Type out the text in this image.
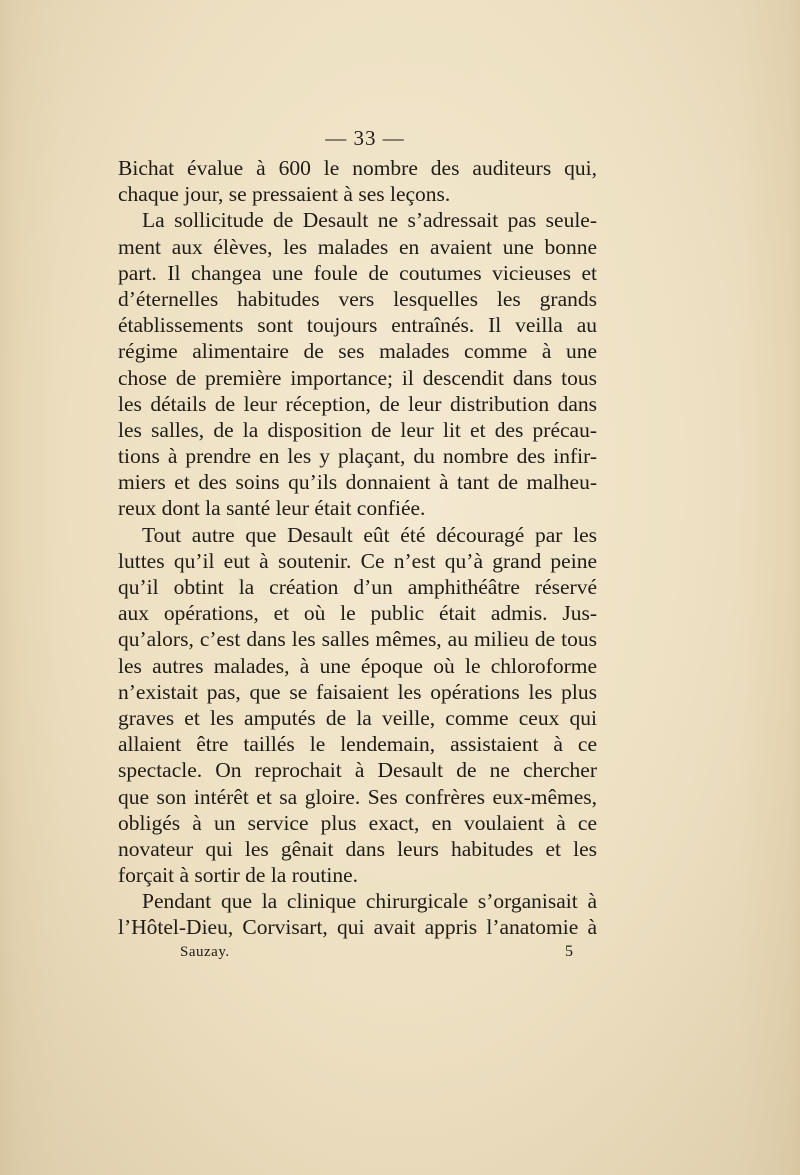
— 33 —
Bichat évalue à 600 le nombre des auditeurs qui,
chaque jour, se pressaient à ses leçons.
La sollicitude de Desault ne s’adressait pas seule-
ment aux élèves, les malades en avaient une bonne
part. Il changea une foule de coutumes vicieuses et
d’éternelles habitudes vers lesquelles les grands
établissements sont toujours entraînés. Il veilla au
régime alimentaire de ses malades comme à une
chose de première importance; il descendit dans tous
les détails de leur réception, de leur distribution dans
les salles, de la disposition de leur lit et des précau-
tions à prendre en les y plaçant, du nombre des infir-
miers et des soins qu’ils donnaient à tant de malheu-
reux dont la santé leur était confiée.
Tout autre que Desault eût été découragé par les
luttes qu’il eut à soutenir. Ce n’est qu’à grand peine
qu’il obtint la création d’un amphithéâtre réservé
aux opérations, et où le public était admis. Jus-
qu’alors, c’est dans les salles mêmes, au milieu de tous
les autres malades, à une époque où le chloroforme
n’existait pas, que se faisaient les opérations les plus
graves et les amputés de la veille, comme ceux qui
allaient être taillés le lendemain, assistaient à ce
spectacle. On reprochait à Desault de ne chercher
que son intérêt et sa gloire. Ses confrères eux-mêmes,
obligés à un service plus exact, en voulaient à ce
novateur qui les gênait dans leurs habitudes et les
forçait à sortir de la routine.
Pendant que la clinique chirurgicale s’organisait à
l’Hôtel-Dieu, Corvisart, qui avait appris l’anatomie à
Sauzay.	5
